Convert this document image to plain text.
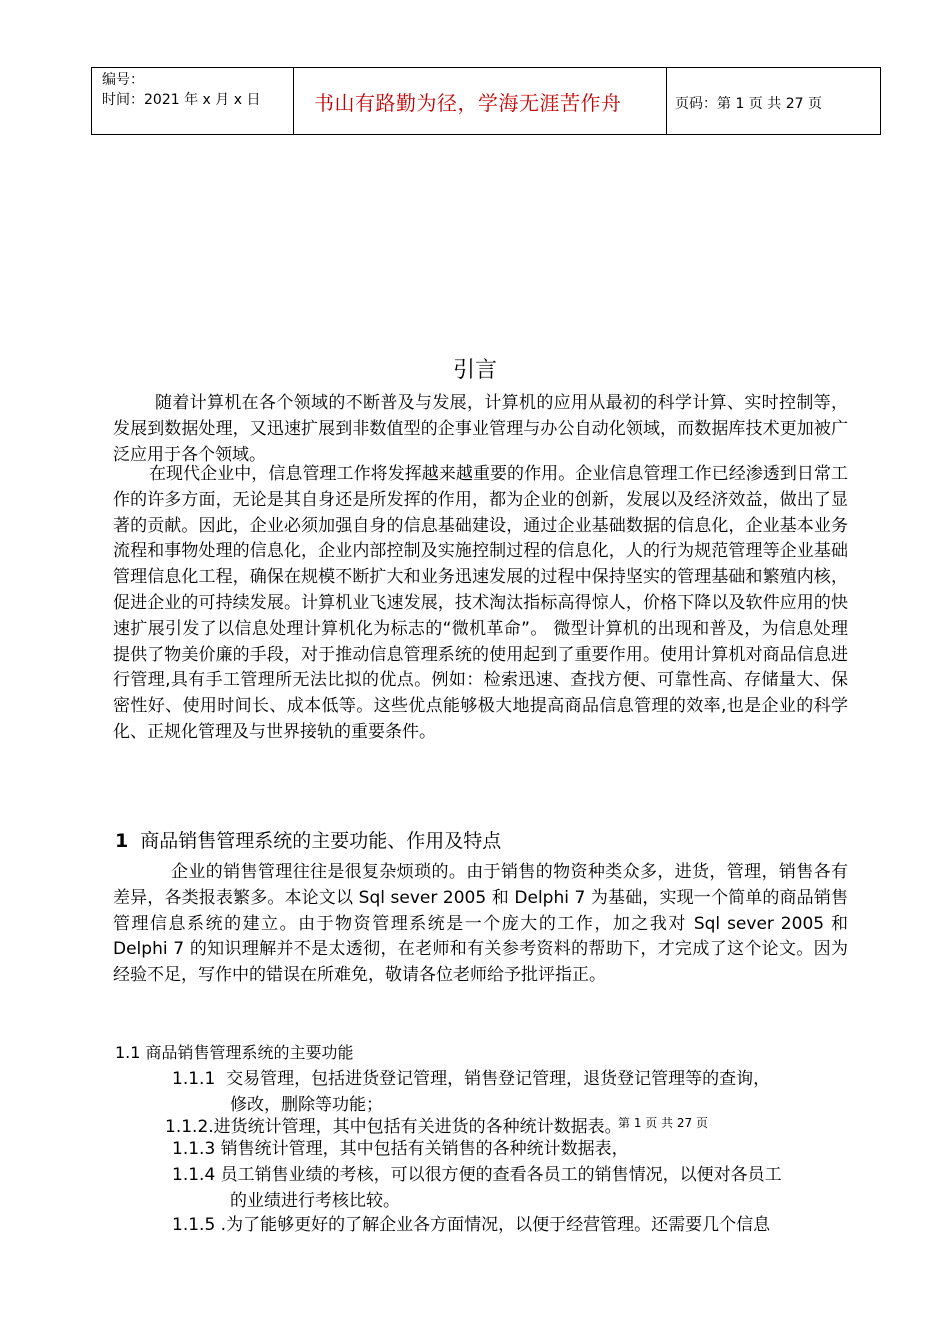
编号：
时间：2021 年 x 月 x 日	书山有路勤为径，学海无涯苦作舟	页码：第 1 页 共 27 页
引言

随着计算机在各个领域的不断普及与发展，计算机的应用从最初的科学计算、实时控制等，发展到数据处理，又迅速扩展到非数值型的企事业管理与办公自动化领域，而数据库技术更加被广泛应用于各个领域。

在现代企业中，信息管理工作将发挥越来越重要的作用。企业信息管理工作已经渗透到日常工作的许多方面，无论是其自身还是所发挥的作用，都为企业的创新，发展以及经济效益，做出了显著的贡献。因此，企业必须加强自身的信息基础建设，通过企业基础数据的信息化，企业基本业务流程和事物处理的信息化，企业内部控制及实施控制过程的信息化，人的行为规范管理等企业基础管理信息化工程，确保在规模不断扩大和业务迅速发展的过程中保持坚实的管理基础和繁殖内核，促进企业的可持续发展。计算机业飞速发展，技术淘汰指标高得惊人，价格下降以及软件应用的快速扩展引发了以信息处理计算机化为标志的“微机革命”。 微型计算机的出现和普及，为信息处理提供了物美价廉的手段，对于推动信息管理系统的使用起到了重要作用。使用计算机对商品信息进行管理,具有手工管理所无法比拟的优点。例如：检索迅速、查找方便、可靠性高、存储量大、保密性好、使用时间长、成本低等。这些优点能够极大地提高商品信息管理的效率,也是企业的科学化、正规化管理及与世界接轨的重要条件。

1 商品销售管理系统的主要功能、作用及特点

企业的销售管理往往是很复杂烦琐的。由于销售的物资种类众多，进货，管理，销售各有差异，各类报表繁多。本论文以 Sql sever 2005 和 Delphi 7 为基础，实现一个简单的商品销售管理信息系统的建立。由于物资管理系统是一个庞大的工作，加之我对 Sql sever 2005 和 Delphi 7 的知识理解并不是太透彻，在老师和有关参考资料的帮助下，才完成了这个论文。因为经验不足，写作中的错误在所难免，敬请各位老师给予批评指正。

1.1 商品销售管理系统的主要功能
1.1.1 交易管理，包括进货登记管理，销售登记管理，退货登记管理等的查询，
修改，删除等功能；
1.1.2.进货统计管理，其中包括有关进货的各种统计数据表。
第 1 页 共 27 页
1.1.3 销售统计管理，其中包括有关销售的各种统计数据表，
1.1.4 员工销售业绩的考核，可以很方便的查看各员工的销售情况，以便对各员工
的业绩进行考核比较。
1.1.5 .为了能够更好的了解企业各方面情况，以便于经营管理。还需要几个信息
